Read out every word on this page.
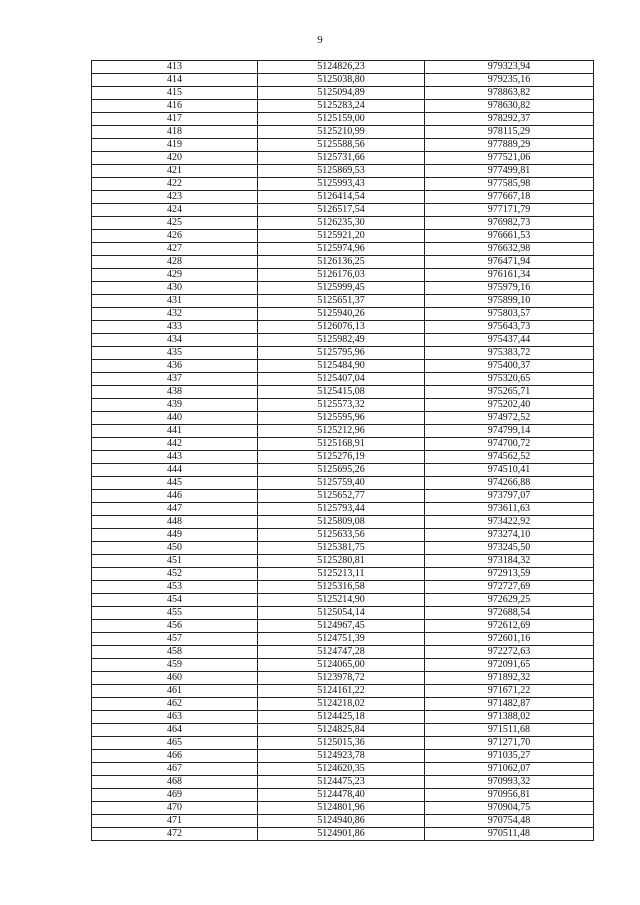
9
413	5124826,23	979323,94
414	5125038,80	979235,16
415	5125094,89	978863,82
416	5125283,24	978630,82
417	5125159,00	978292,37
418	5125210,99	978115,29
419	5125588,56	977889,29
420	5125731,66	977521,06
421	5125869,53	977499,81
422	5125993,43	977585,98
423	5126414,54	977667,18
424	5126517,54	977171,79
425	5126235,30	976982,73
426	5125921,20	976661,53
427	5125974,96	976632,98
428	5126136,25	976471,94
429	5126176,03	976161,34
430	5125999,45	975979,16
431	5125651,37	975899,10
432	5125940,26	975803,57
433	5126076,13	975643,73
434	5125982,49	975437,44
435	5125795,96	975383,72
436	5125484,90	975400,37
437	5125407,04	975320,65
438	5125415,08	975265,71
439	5125573,32	975202,40
440	5125595,96	974972,52
441	5125212,96	974799,14
442	5125168,91	974700,72
443	5125276,19	974562,52
444	5125695,26	974510,41
445	5125759,40	974266,88
446	5125652,77	973797,07
447	5125793,44	973611,63
448	5125809,08	973422,92
449	5125633,56	973274,10
450	5125381,75	973245,50
451	5125280,81	973184,32
452	5125213,11	972913,59
453	5125316,58	972727,69
454	5125214,90	972629,25
455	5125054,14	972688,54
456	5124967,45	972612,69
457	5124751,39	972601,16
458	5124747,28	972272,63
459	5124065,00	972091,65
460	5123978,72	971892,32
461	5124161,22	971671,22
462	5124218,02	971482,87
463	5124425,18	971388,02
464	5124825,84	971511,68
465	5125015,36	971271,70
466	5124923,78	971035,27
467	5124620,35	971062,07
468	5124475,23	970993,32
469	5124478,40	970956,81
470	5124801,96	970904,75
471	5124940,86	970754,48
472	5124901,86	970511,48
